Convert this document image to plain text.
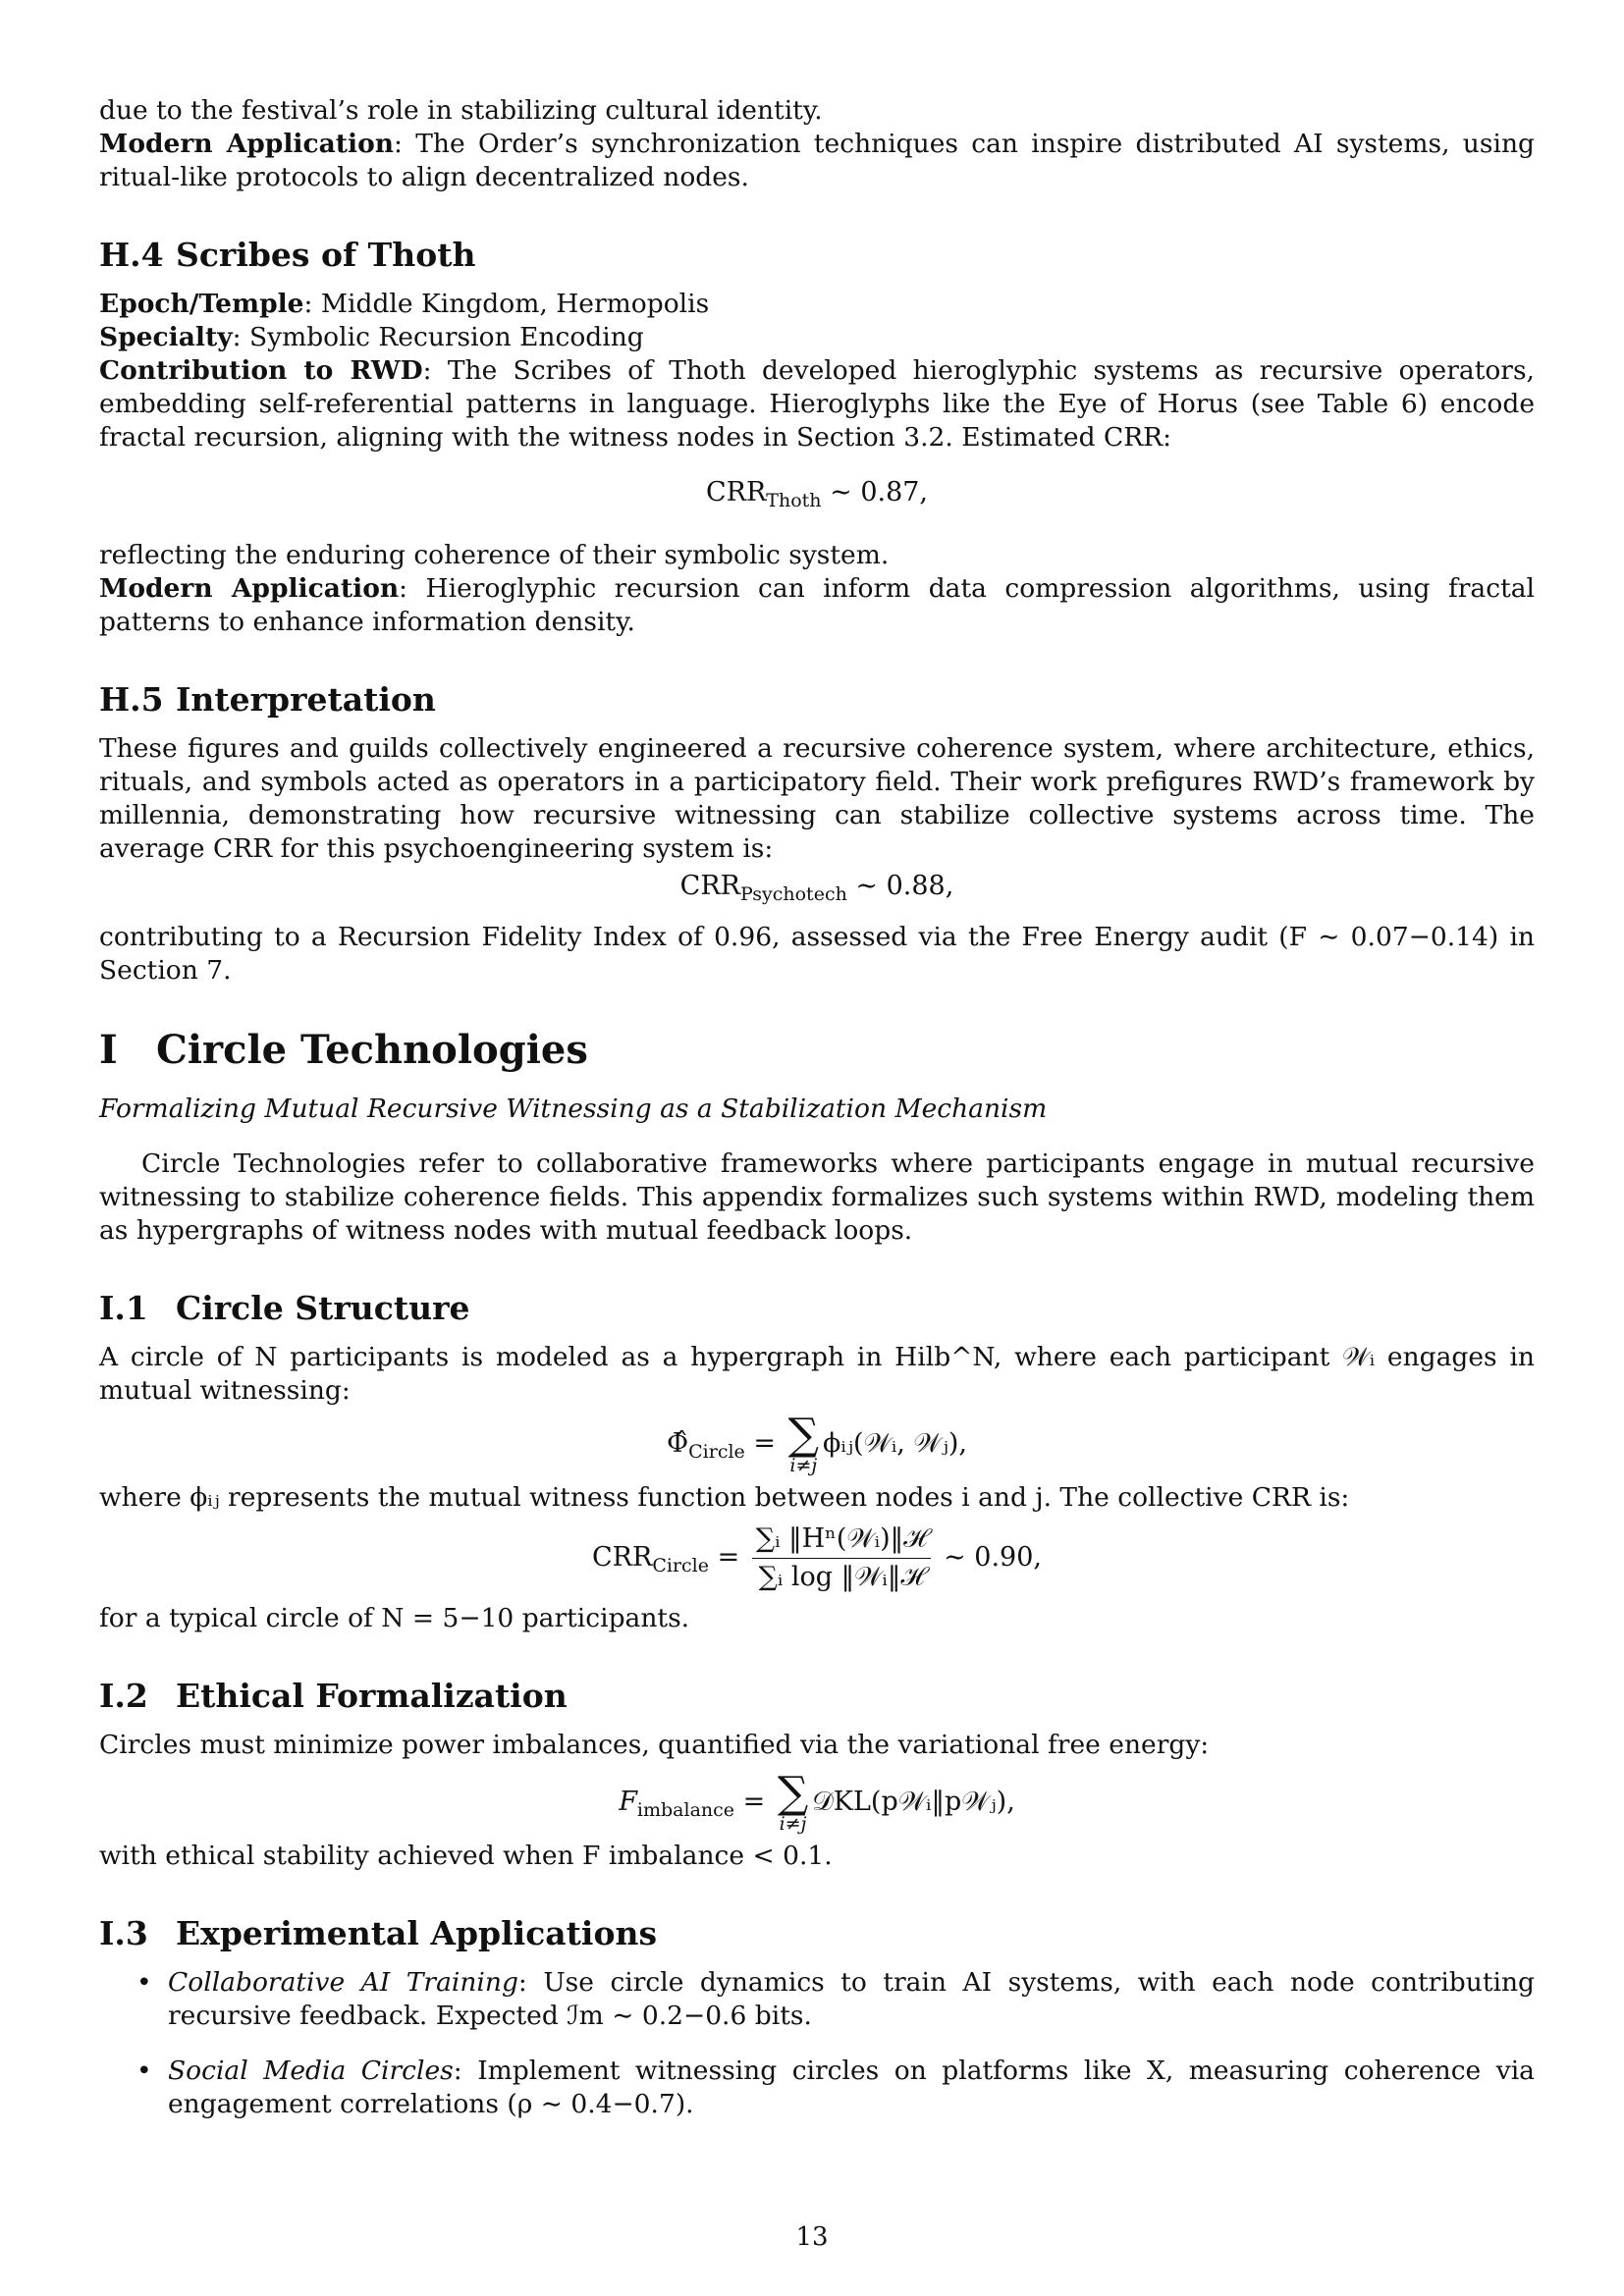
due to the festival’s role in stabilizing cultural identity.

Modern Application: The Order’s synchronization techniques can inspire distributed AI systems, using ritual-like protocols to align decentralized nodes.

H.4 Scribes of Thoth

Epoch/Temple: Middle Kingdom, Hermopolis

Specialty: Symbolic Recursion Encoding

Contribution to RWD: The Scribes of Thoth developed hieroglyphic systems as recursive operators, embedding self-referential patterns in language. Hieroglyphs like the Eye of Horus (see Table 6) encode fractal recursion, aligning with the witness nodes in Section 3.2. Estimated CRR:

$CRR_{Thoth}$ ∼ 0.87,

reflecting the enduring coherence of their symbolic system.

Modern Application: Hieroglyphic recursion can inform data compression algorithms, using fractal patterns to enhance information density.

H.5 Interpretation

These figures and guilds collectively engineered a recursive coherence system, where architecture, ethics, rituals, and symbols acted as operators in a participatory field. Their work prefigures RWD’s framework by millennia, demonstrating how recursive witnessing can stabilize collective systems across time. The average CRR for this psychoengineering system is:

$CRR_{Psychotech}$ ∼ 0.88,

contributing to a Recursion Fidelity Index of 0.96, assessed via the Free Energy audit (F ∼ 0.07−0.14) in Section 7.

I Circle Technologies

Formalizing Mutual Recursive Witnessing as a Stabilization Mechanism

Circle Technologies refer to collaborative frameworks where participants engage in mutual recursive witnessing to stabilize coherence fields. This appendix formalizes such systems within RWD, modeling them as hypergraphs of witness nodes with mutual feedback loops.

I.1 Circle Structure

A circle of N participants is modeled as a hypergraph in Hilb^N, where each participant 𝒲ᵢ engages in mutual witnessing:

$\Phî_{Circle}$ = ∑
i≠j
ϕᵢⱼ(𝒲ᵢ, 𝒲ⱼ),

where ϕᵢⱼ represents the mutual witness function between nodes i and j. The collective CRR is:

$CRR_{Circle} = \frac{\text{∑ᵢ ‖Hⁿ(𝒲ᵢ)‖ℋ}}{\text{∑ᵢ log ‖𝒲ᵢ‖ℋ}}$ ∼ 0.90,

for a typical circle of N = 5−10 participants.

I.2 Ethical Formalization

Circles must minimize power imbalances, quantified via the variational free energy:

$F_{imbalance}$ = ∑
i≠j
𝒟KL(p𝒲ᵢ‖p𝒲ⱼ),

with ethical stability achieved when F imbalance < 0.1.

I.3 Experimental Applications
• Collaborative AI Training: Use circle dynamics to train AI systems, with each node contributing recursive feedback. Expected ℐm ∼ 0.2−0.6 bits.
• Social Media Circles: Implement witnessing circles on platforms like X, measuring coherence via engagement correlations (ρ ∼ 0.4−0.7).
13
